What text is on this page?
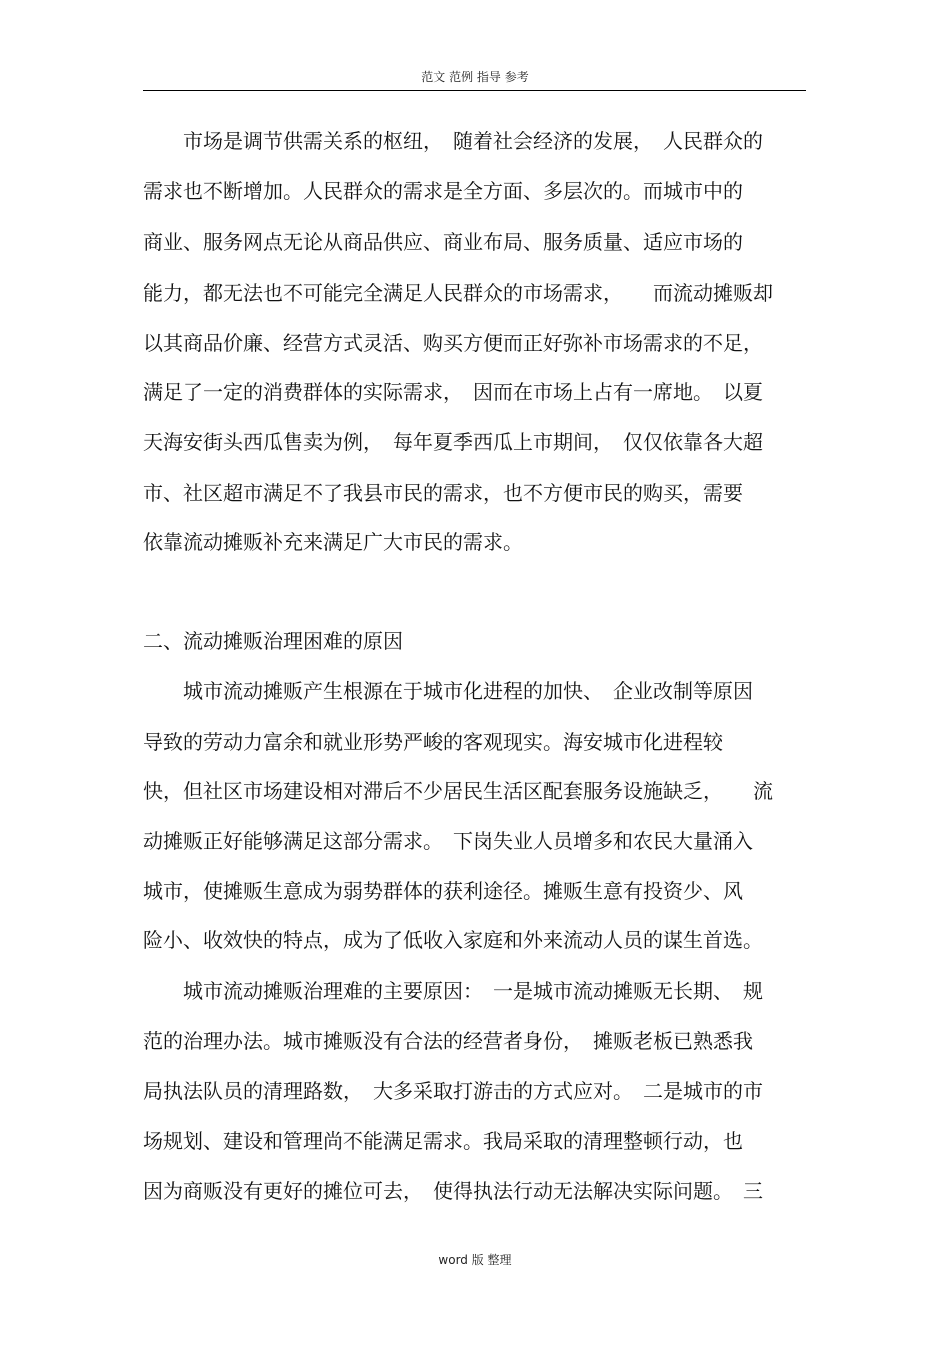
范文 范例 指导 参考
　　市场是调节供需关系的枢纽，　随着社会经济的发展，　人民群众的
需求也不断增加。人民群众的需求是全方面、多层次的。而城市中的
商业、服务网点无论从商品供应、商业布局、服务质量、适应市场的
能力，都无法也不可能完全满足人民群众的市场需求，　　而流动摊贩却
以其商品价廉、经营方式灵活、购买方便而正好弥补市场需求的不足，
满足了一定的消费群体的实际需求，　因而在市场上占有一席地。　以夏
天海安街头西瓜售卖为例，　每年夏季西瓜上市期间，　仅仅依靠各大超
市、社区超市满足不了我县市民的需求，也不方便市民的购买，需要
依靠流动摊贩补充来满足广大市民的需求。
二、流动摊贩治理困难的原因
　　城市流动摊贩产生根源在于城市化进程的加快、　企业改制等原因
导致的劳动力富余和就业形势严峻的客观现实。海安城市化进程较
快，但社区市场建设相对滞后不少居民生活区配套服务设施缺乏，　　流
动摊贩正好能够满足这部分需求。　下岗失业人员增多和农民大量涌入
城市，使摊贩生意成为弱势群体的获利途径。摊贩生意有投资少、风
险小、收效快的特点，成为了低收入家庭和外来流动人员的谋生首选。
　　城市流动摊贩治理难的主要原因：　一是城市流动摊贩无长期、　规
范的治理办法。城市摊贩没有合法的经营者身份，　摊贩老板已熟悉我
局执法队员的清理路数，　大多采取打游击的方式应对。　二是城市的市
场规划、建设和管理尚不能满足需求。我局采取的清理整顿行动，也
因为商贩没有更好的摊位可去，　使得执法行动无法解决实际问题。　三
word 版 整理
